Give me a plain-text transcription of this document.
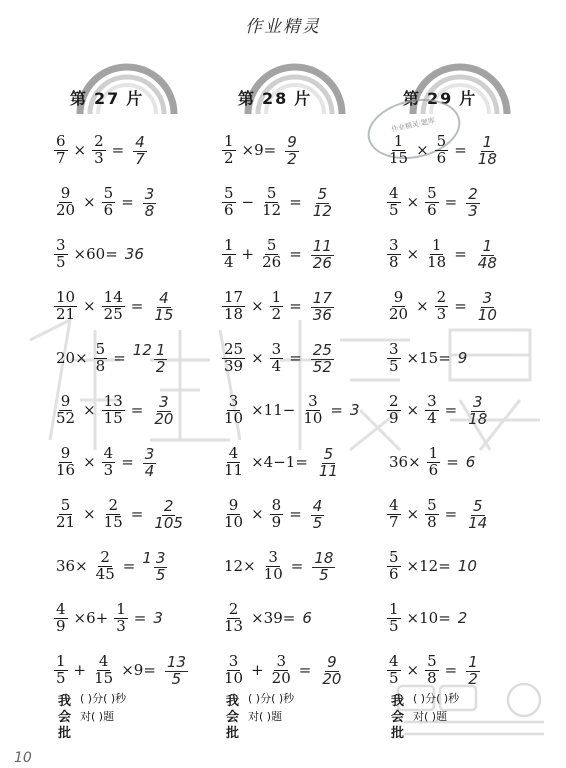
作业精灵
第 27 片
$\frac{6}{7} \times \frac{2}{3} = \frac{4}{7}$
$\frac{9}{20} \times \frac{5}{6} = \frac{3}{8}$
$\frac{3}{5} \times 60= 36$
$\frac{10}{21} \times \frac{14}{25} = \frac{4}{15}$
$20\times \frac{5}{8} = 12 \frac{1}{2}$
$\frac{9}{52} \times \frac{13}{15} = \frac{3}{20}$
$\frac{9}{16} \times \frac{4}{3} = \frac{3}{4}$
$\frac{5}{21} \times \frac{2}{15} = \frac{2}{105}$
$36\times \frac{2}{45} = 1 \frac{3}{5}$
$\frac{4}{9} \times 6+ \frac{1}{3} = 3$
$\frac{1}{5} + \frac{4}{15} \times 9= \frac{13}{5}$
我 ( )分( )秒
会 对( )题
批
第 28 片
$\frac{1}{2} \times 9= \frac{9}{2}$
$\frac{5}{6} - \frac{5}{12} = \frac{5}{12}$
$\frac{1}{4} + \frac{5}{26} = \frac{11}{26}$
$\frac{17}{18} \times \frac{1}{2} = \frac{17}{36}$
$\frac{25}{39} \times \frac{3}{4} = \frac{25}{52}$
$\frac{3}{10} \times 11- \frac{3}{10} = 3$
$\frac{4}{11} \times 4-1= \frac{5}{11}$
$\frac{9}{10} \times \frac{8}{9} = \frac{4}{5}$
$12\times \frac{3}{10} = \frac{18}{5}$
$\frac{2}{13} \times 39= 6$
$\frac{3}{10} + \frac{3}{20} = \frac{9}{20}$
我 ( )分( )秒
会 对( )题
批
第 29 片
作业精灵·题库
$\frac{1}{15} \times \frac{5}{6} = \frac{1}{18}$
$\frac{4}{5} \times \frac{5}{6} = \frac{2}{3}$
$\frac{3}{8} \times \frac{1}{18} = \frac{1}{48}$
$\frac{9}{20} \times \frac{2}{3} = \frac{3}{10}$
$\frac{3}{5} \times 15= 9$
$\frac{2}{9} \times \frac{3}{4} = \frac{3}{18}$
$36\times \frac{1}{6} = 6$
$\frac{4}{7} \times \frac{5}{8} = \frac{5}{14}$
$\frac{5}{6} \times 12= 10$
$\frac{1}{5} \times 10= 2$
$\frac{4}{5} \times \frac{5}{8} = \frac{1}{2}$
我 ( )分( )秒
会 对( )题
批
10
